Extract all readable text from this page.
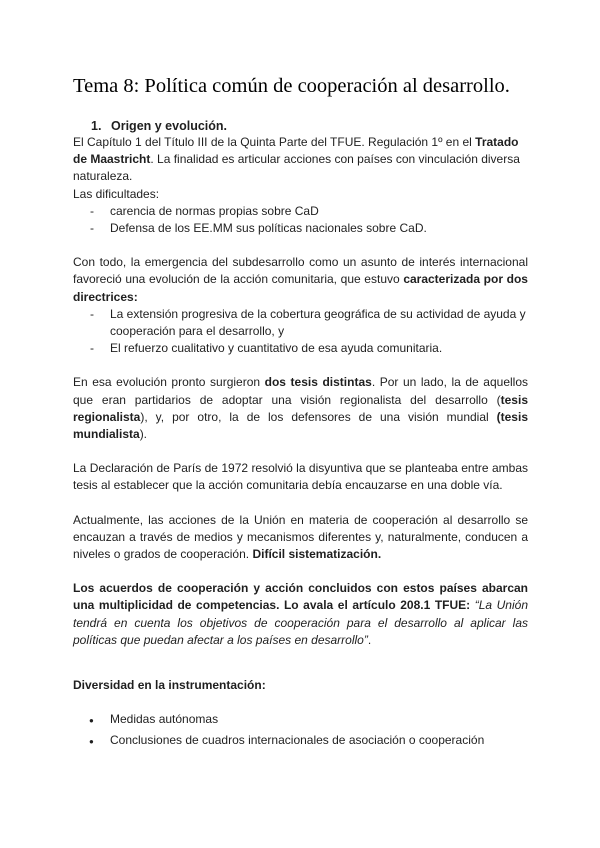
Tema 8: Política común de cooperación al desarrollo.
1. Origen y evolución.

El Capítulo 1 del Título III de la Quinta Parte del TFUE. Regulación 1º en el Tratado de Maastricht. La finalidad es articular acciones con países con vinculación diversa naturaleza.

Las dificultades:

- carencia de normas propias sobre CaD
- Defensa de los EE.MM sus políticas nacionales sobre CaD.

Con todo, la emergencia del subdesarrollo como un asunto de interés internacional favoreció una evolución de la acción comunitaria, que estuvo caracterizada por dos directrices:

- La extensión progresiva de la cobertura geográfica de su actividad de ayuda y cooperación para el desarrollo, y
- El refuerzo cualitativo y cuantitativo de esa ayuda comunitaria.

En esa evolución pronto surgieron dos tesis distintas. Por un lado, la de aquellos que eran partidarios de adoptar una visión regionalista del desarrollo (tesis regionalista), y, por otro, la de los defensores de una visión mundial (tesis mundialista).

La Declaración de París de 1972 resolvió la disyuntiva que se planteaba entre ambas tesis al establecer que la acción comunitaria debía encauzarse en una doble vía.

Actualmente, las acciones de la Unión en materia de cooperación al desarrollo se encauzan a través de medios y mecanismos diferentes y, naturalmente, conducen a niveles o grados de cooperación. Difícil sistematización.

Los acuerdos de cooperación y acción concluidos con estos países abarcan una multiplicidad de competencias. Lo avala el artículo 208.1 TFUE: “La Unión tendrá en cuenta los objetivos de cooperación para el desarrollo al aplicar las políticas que puedan afectar a los países en desarrollo”.

Diversidad en la instrumentación:

● Medidas autónomas
● Conclusiones de cuadros internacionales de asociación o cooperación
